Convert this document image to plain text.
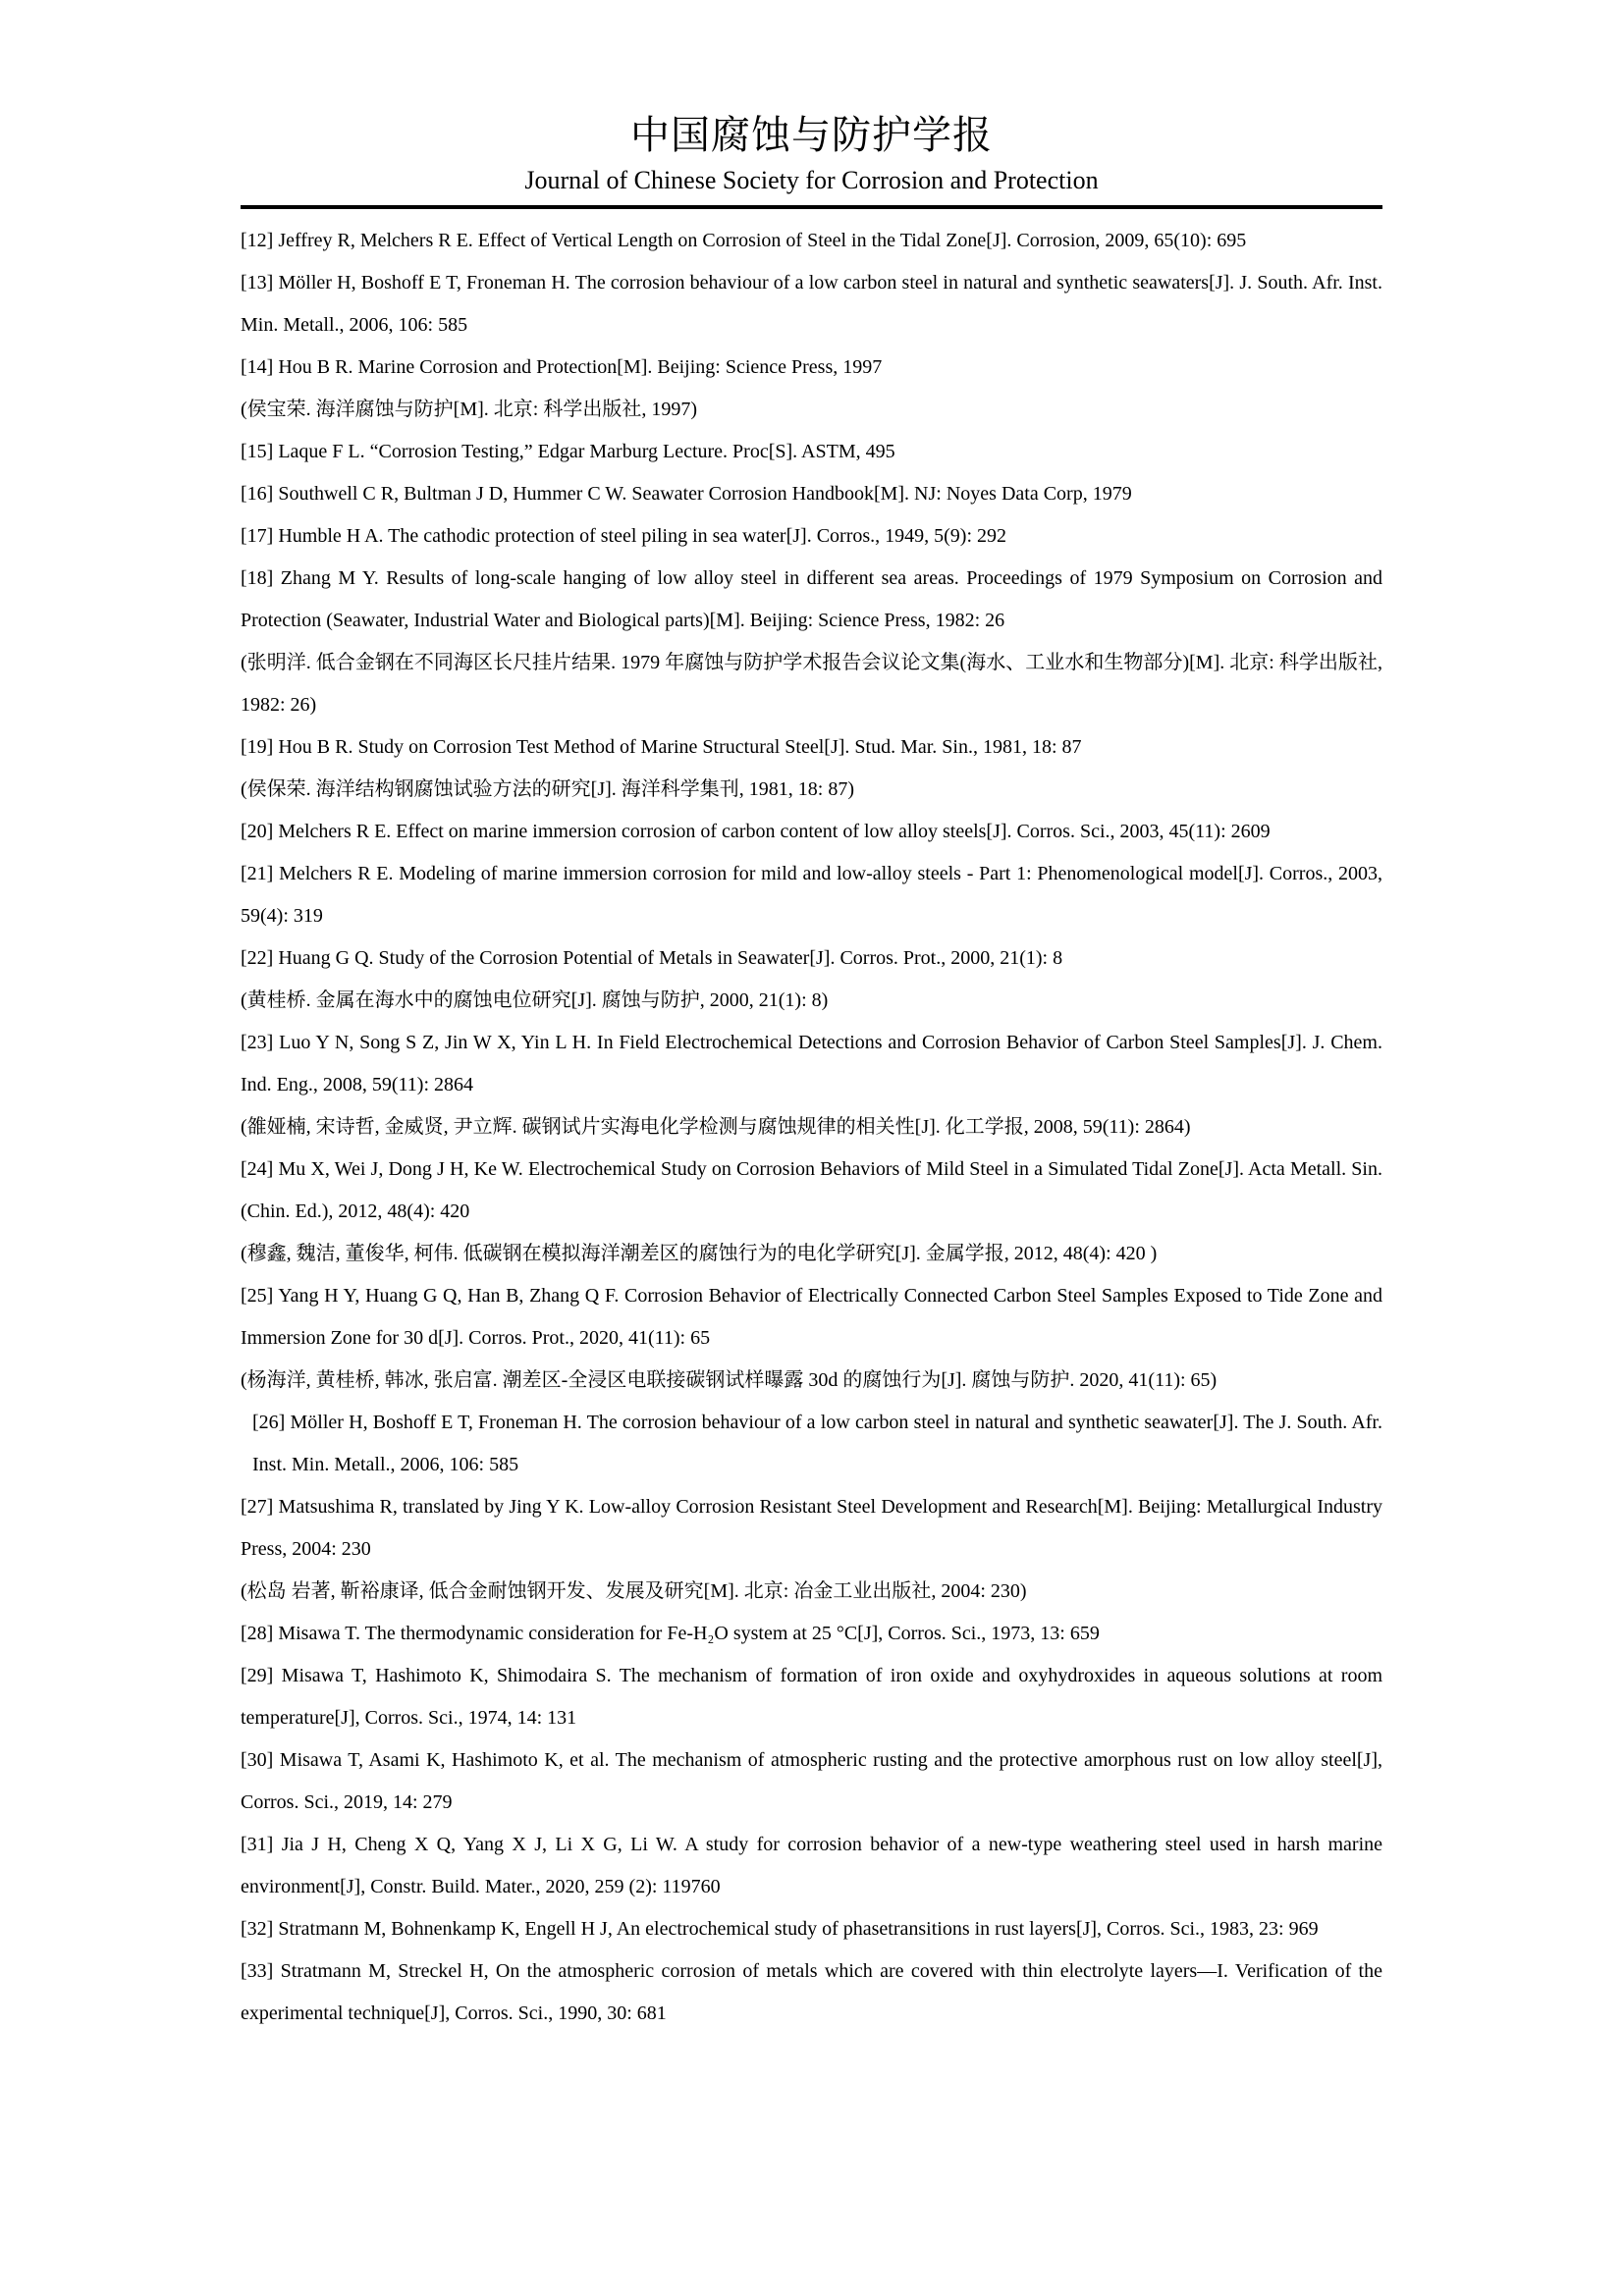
中国腐蚀与防护学报
Journal of Chinese Society for Corrosion and Protection

[12] Jeffrey R, Melchers R E. Effect of Vertical Length on Corrosion of Steel in the Tidal Zone[J]. Corrosion, 2009, 65(10): 695

[13] Möller H, Boshoff E T, Froneman H. The corrosion behaviour of a low carbon steel in natural and synthetic seawaters[J]. J. South. Afr. Inst. Min. Metall., 2006, 106: 585

[14] Hou B R. Marine Corrosion and Protection[M]. Beijing: Science Press, 1997

(侯宝荣. 海洋腐蚀与防护[M]. 北京: 科学出版社, 1997)

[15] Laque F L. “Corrosion Testing,” Edgar Marburg Lecture. Proc[S]. ASTM, 495

[16] Southwell C R, Bultman J D, Hummer C W. Seawater Corrosion Handbook[M]. NJ: Noyes Data Corp, 1979

[17] Humble H A. The cathodic protection of steel piling in sea water[J]. Corros., 1949, 5(9): 292

[18] Zhang M Y. Results of long-scale hanging of low alloy steel in different sea areas. Proceedings of 1979 Symposium on Corrosion and Protection (Seawater, Industrial Water and Biological parts)[M]. Beijing: Science Press, 1982: 26

(张明洋. 低合金钢在不同海区长尺挂片结果. 1979 年腐蚀与防护学术报告会议论文集(海水、工业水和生物部分)[M]. 北京: 科学出版社, 1982: 26)

[19] Hou B R. Study on Corrosion Test Method of Marine Structural Steel[J]. Stud. Mar. Sin., 1981, 18: 87

(侯保荣. 海洋结构钢腐蚀试验方法的研究[J]. 海洋科学集刊, 1981, 18: 87)

[20] Melchers R E. Effect on marine immersion corrosion of carbon content of low alloy steels[J]. Corros. Sci., 2003, 45(11): 2609

[21] Melchers R E. Modeling of marine immersion corrosion for mild and low-alloy steels - Part 1: Phenomenological model[J]. Corros., 2003, 59(4): 319

[22] Huang G Q. Study of the Corrosion Potential of Metals in Seawater[J]. Corros. Prot., 2000, 21(1): 8

(黄桂桥. 金属在海水中的腐蚀电位研究[J]. 腐蚀与防护, 2000, 21(1): 8)

[23] Luo Y N, Song S Z, Jin W X, Yin L H. In Field Electrochemical Detections and Corrosion Behavior of Carbon Steel Samples[J]. J. Chem. Ind. Eng., 2008, 59(11): 2864

(雒娅楠, 宋诗哲, 金威贤, 尹立辉. 碳钢试片实海电化学检测与腐蚀规律的相关性[J]. 化工学报, 2008, 59(11): 2864)

[24] Mu X, Wei J, Dong J H, Ke W. Electrochemical Study on Corrosion Behaviors of Mild Steel in a Simulated Tidal Zone[J]. Acta Metall. Sin. (Chin. Ed.), 2012, 48(4): 420

(穆鑫, 魏洁, 董俊华, 柯伟. 低碳钢在模拟海洋潮差区的腐蚀行为的电化学研究[J]. 金属学报, 2012, 48(4): 420 )

[25] Yang H Y, Huang G Q, Han B, Zhang Q F. Corrosion Behavior of Electrically Connected Carbon Steel Samples Exposed to Tide Zone and Immersion Zone for 30 d[J]. Corros. Prot., 2020, 41(11): 65

(杨海洋, 黄桂桥, 韩冰, 张启富. 潮差区-全浸区电联接碳钢试样曝露 30d 的腐蚀行为[J]. 腐蚀与防护. 2020, 41(11): 65)

[26] Möller H, Boshoff E T, Froneman H. The corrosion behaviour of a low carbon steel in natural and synthetic seawater[J]. The J. South. Afr. Inst. Min. Metall., 2006, 106: 585

[27] Matsushima R, translated by Jing Y K. Low-alloy Corrosion Resistant Steel Development and Research[M]. Beijing: Metallurgical Industry Press, 2004: 230

(松岛 岩著, 靳裕康译, 低合金耐蚀钢开发、发展及研究[M]. 北京: 冶金工业出版社, 2004: 230)

[28] Misawa T. The thermodynamic consideration for Fe-H₂O system at 25 °C[J], Corros. Sci., 1973, 13: 659

[29] Misawa T, Hashimoto K, Shimodaira S. The mechanism of formation of iron oxide and oxyhydroxides in aqueous solutions at room temperature[J], Corros. Sci., 1974, 14: 131

[30] Misawa T, Asami K, Hashimoto K, et al. The mechanism of atmospheric rusting and the protective amorphous rust on low alloy steel[J], Corros. Sci., 2019, 14: 279

[31] Jia J H, Cheng X Q, Yang X J, Li X G, Li W. A study for corrosion behavior of a new-type weathering steel used in harsh marine environment[J], Constr. Build. Mater., 2020, 259 (2): 119760

[32] Stratmann M, Bohnenkamp K, Engell H J, An electrochemical study of phasetransitions in rust layers[J], Corros. Sci., 1983, 23: 969

[33] Stratmann M, Streckel H, On the atmospheric corrosion of metals which are covered with thin electrolyte layers—I. Verification of the experimental technique[J], Corros. Sci., 1990, 30: 681
